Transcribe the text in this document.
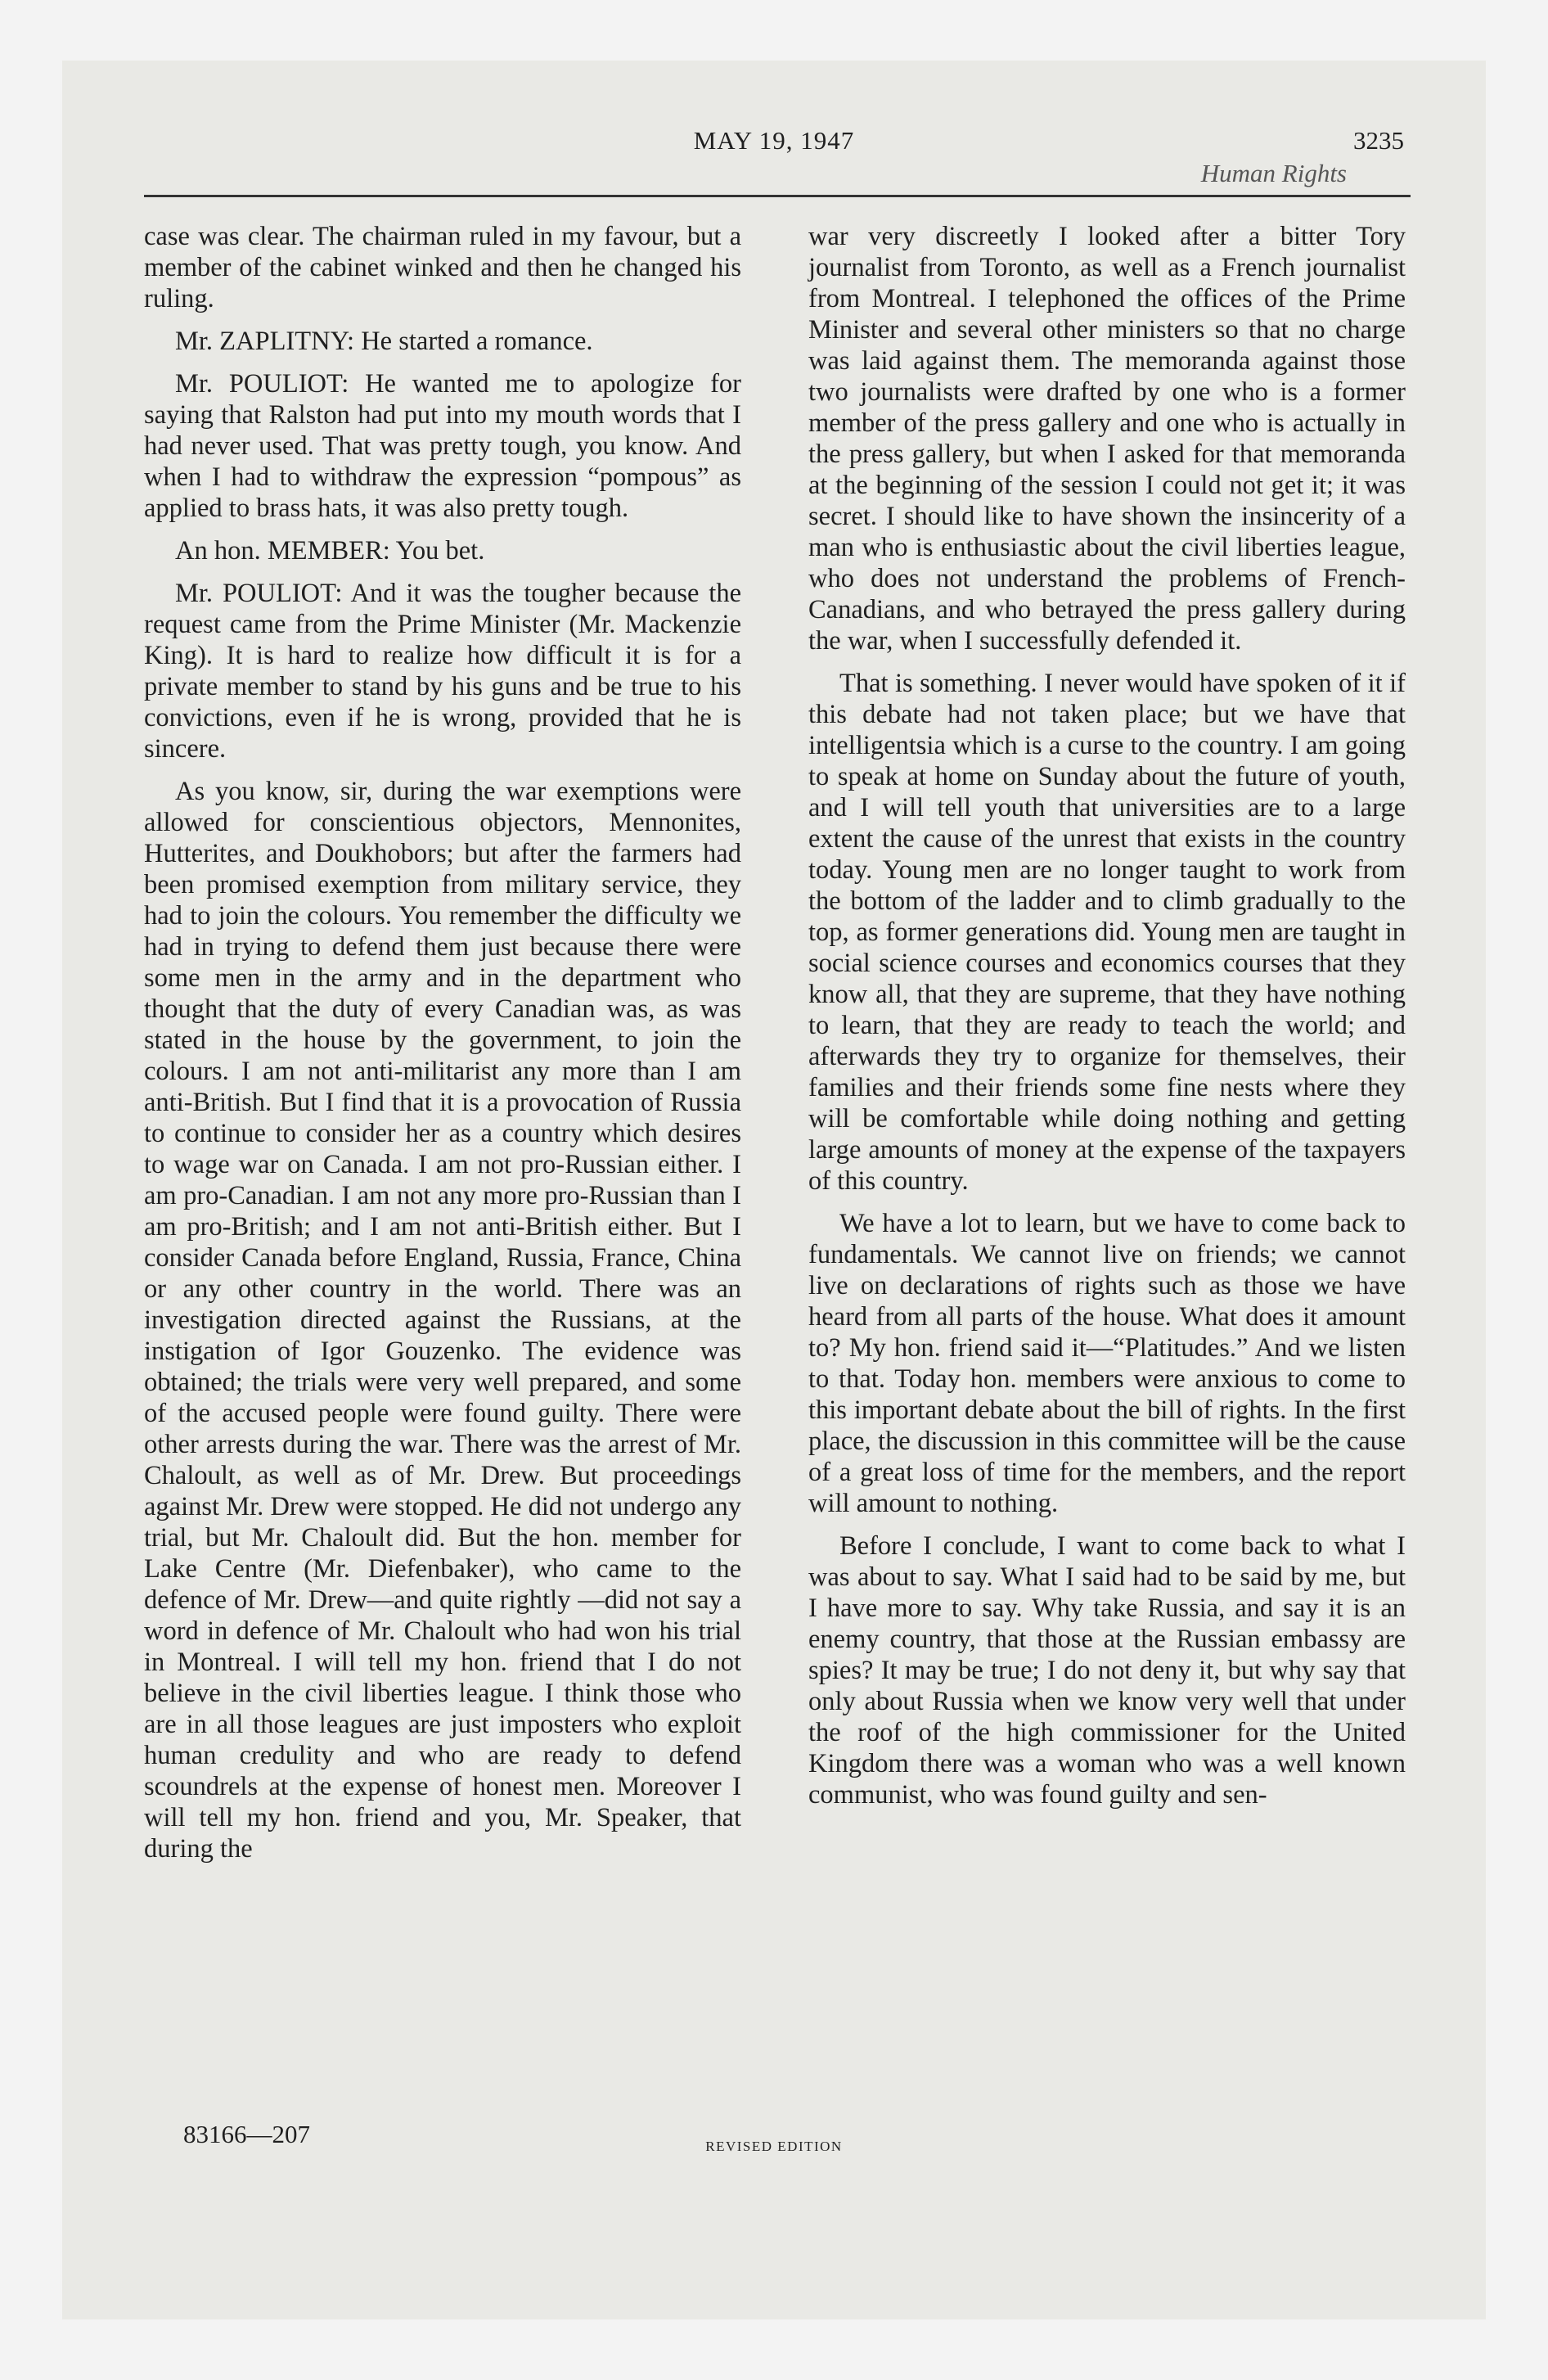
MAY 19, 1947	3235
Human Rights

case was clear. The chairman ruled in my favour, but a member of the cabinet winked and then he changed his ruling.

Mr. ZAPLITNY: He started a romance.

Mr. POULIOT: He wanted me to apologize for saying that Ralston had put into my mouth words that I had never used. That was pretty tough, you know. And when I had to withdraw the expression “pompous” as applied to brass hats, it was also pretty tough.

An hon. MEMBER: You bet.

Mr. POULIOT: And it was the tougher because the request came from the Prime Minister (Mr. Mackenzie King). It is hard to realize how difficult it is for a private member to stand by his guns and be true to his convictions, even if he is wrong, provided that he is sincere.

As you know, sir, during the war exemptions were allowed for conscientious objectors, Mennonites, Hutterites, and Doukhobors; but after the farmers had been promised exemption from military service, they had to join the colours. You remember the difficulty we had in trying to defend them just because there were some men in the army and in the department who thought that the duty of every Canadian was, as was stated in the house by the government, to join the colours. I am not anti-militarist any more than I am anti-British. But I find that it is a provocation of Russia to continue to consider her as a country which desires to wage war on Canada. I am not pro-Russian either. I am pro-Canadian. I am not any more pro-Russian than I am pro-British; and I am not anti-British either. But I consider Canada before England, Russia, France, China or any other country in the world. There was an investigation directed against the Russians, at the instigation of Igor Gouzenko. The evidence was obtained; the trials were very well prepared, and some of the accused people were found guilty. There were other arrests during the war. There was the arrest of Mr. Chaloult, as well as of Mr. Drew. But proceedings against Mr. Drew were stopped. He did not undergo any trial, but Mr. Chaloult did. But the hon. member for Lake Centre (Mr. Diefenbaker), who came to the defence of Mr. Drew—and quite rightly —did not say a word in defence of Mr. Chaloult who had won his trial in Montreal. I will tell my hon. friend that I do not believe in the civil liberties league. I think those who are in all those leagues are just imposters who exploit human credulity and who are ready to defend scoundrels at the expense of honest men. Moreover I will tell my hon. friend and you, Mr. Speaker, that during the

war very discreetly I looked after a bitter Tory journalist from Toronto, as well as a French journalist from Montreal. I telephoned the offices of the Prime Minister and several other ministers so that no charge was laid against them. The memoranda against those two journalists were drafted by one who is a former member of the press gallery and one who is actually in the press gallery, but when I asked for that memoranda at the beginning of the session I could not get it; it was secret. I should like to have shown the insincerity of a man who is enthusiastic about the civil liberties league, who does not understand the problems of French-Canadians, and who betrayed the press gallery during the war, when I successfully defended it.

That is something. I never would have spoken of it if this debate had not taken place; but we have that intelligentsia which is a curse to the country. I am going to speak at home on Sunday about the future of youth, and I will tell youth that universities are to a large extent the cause of the unrest that exists in the country today. Young men are no longer taught to work from the bottom of the ladder and to climb gradually to the top, as former generations did. Young men are taught in social science courses and economics courses that they know all, that they are supreme, that they have nothing to learn, that they are ready to teach the world; and afterwards they try to organize for themselves, their families and their friends some fine nests where they will be comfortable while doing nothing and getting large amounts of money at the expense of the taxpayers of this country.

We have a lot to learn, but we have to come back to fundamentals. We cannot live on friends; we cannot live on declarations of rights such as those we have heard from all parts of the house. What does it amount to? My hon. friend said it—“Platitudes.” And we listen to that. Today hon. members were anxious to come to this important debate about the bill of rights. In the first place, the discussion in this committee will be the cause of a great loss of time for the members, and the report will amount to nothing.

Before I conclude, I want to come back to what I was about to say. What I said had to be said by me, but I have more to say. Why take Russia, and say it is an enemy country, that those at the Russian embassy are spies? It may be true; I do not deny it, but why say that only about Russia when we know very well that under the roof of the high commissioner for the United Kingdom there was a woman who was a well known communist, who was found guilty and sen-

83166—207	REVISED EDITION
